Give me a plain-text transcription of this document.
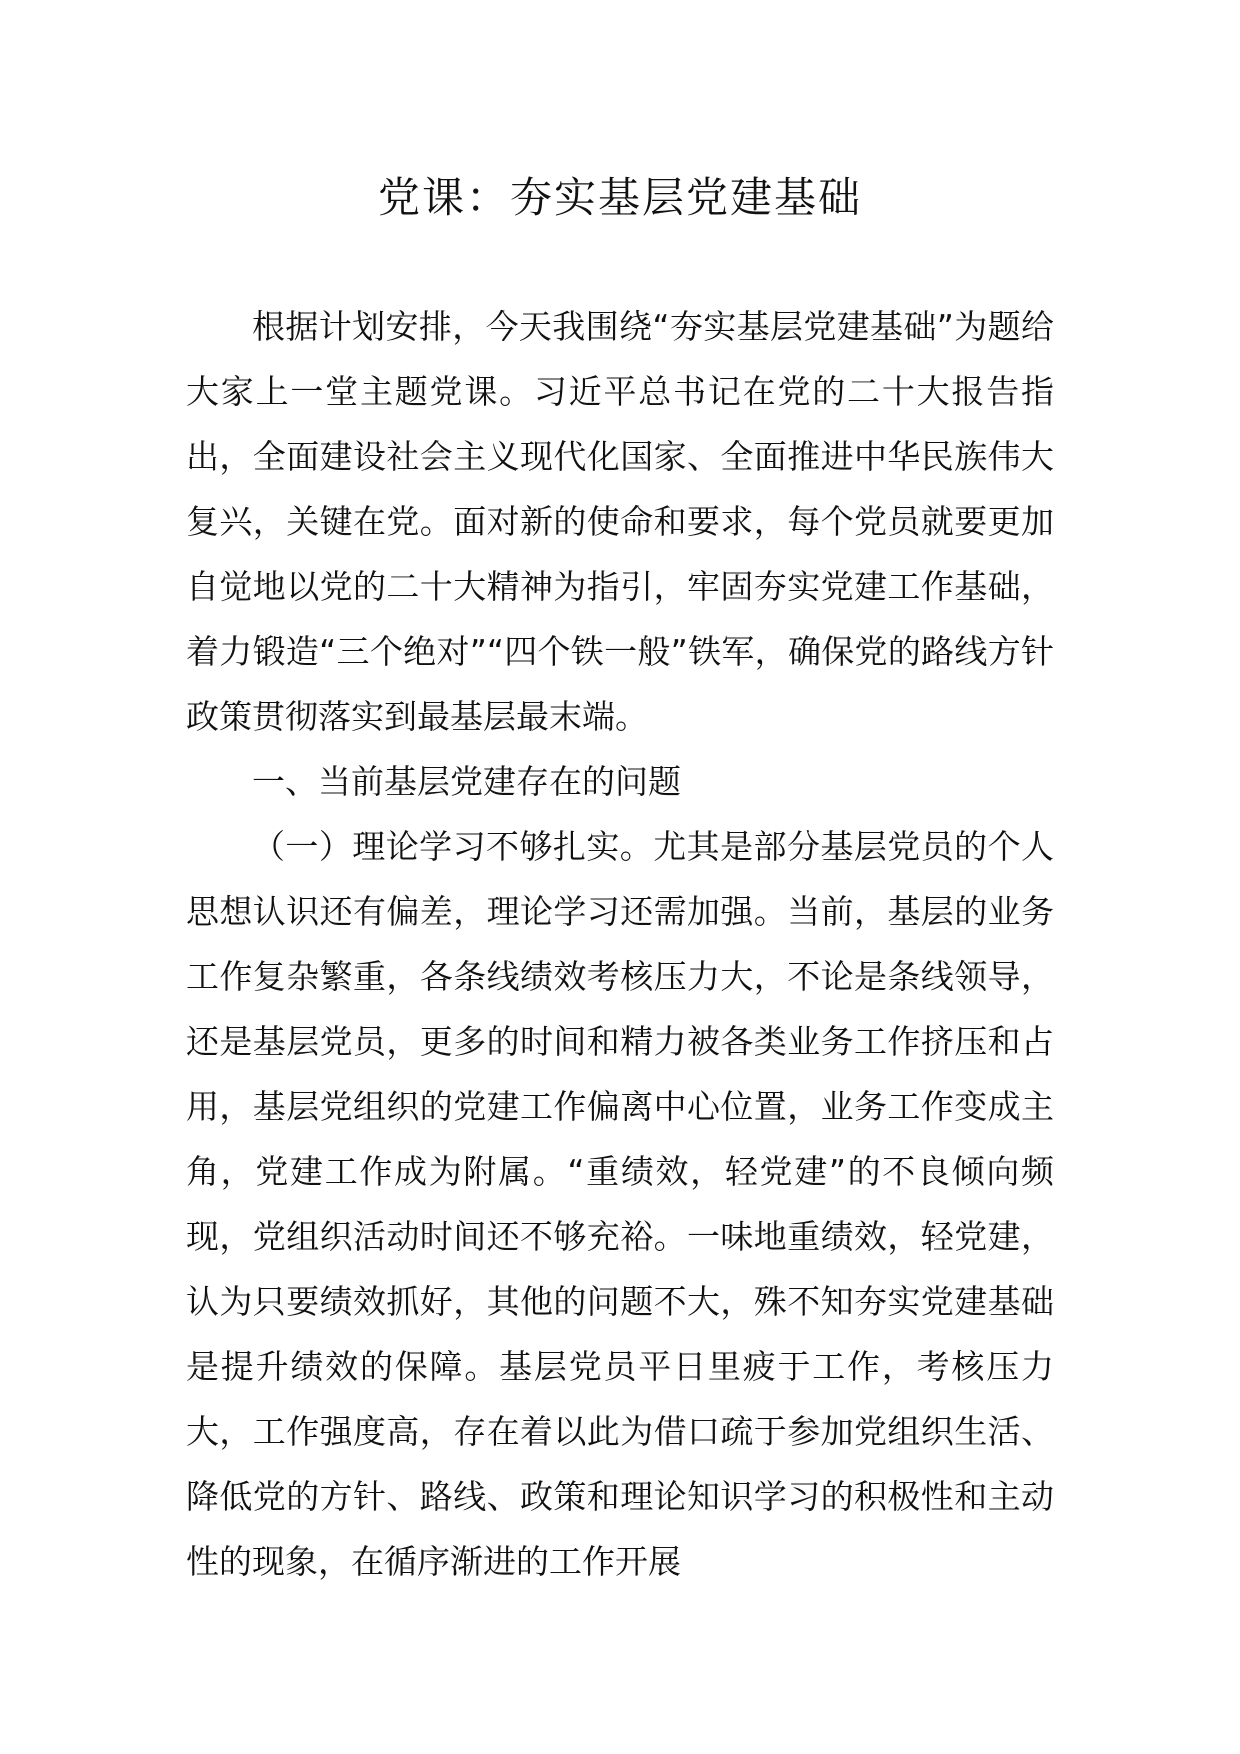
党课：夯实基层党建基础

根据计划安排，今天我围绕“夯实基层党建基础”为题给大家上一堂主题党课。习近平总书记在党的二十大报告指出，全面建设社会主义现代化国家、全面推进中华民族伟大复兴，关键在党。面对新的使命和要求，每个党员就要更加自觉地以党的二十大精神为指引，牢固夯实党建工作基础，着力锻造“三个绝对”“四个铁一般”铁军，确保党的路线方针政策贯彻落实到最基层最末端。

一、当前基层党建存在的问题

（一）理论学习不够扎实。尤其是部分基层党员的个人思想认识还有偏差，理论学习还需加强。当前，基层的业务工作复杂繁重，各条线绩效考核压力大，不论是条线领导，还是基层党员，更多的时间和精力被各类业务工作挤压和占用，基层党组织的党建工作偏离中心位置，业务工作变成主角，党建工作成为附属。“重绩效，轻党建”的不良倾向频现，党组织活动时间还不够充裕。一味地重绩效，轻党建，认为只要绩效抓好，其他的问题不大，殊不知夯实党建基础是提升绩效的保障。基层党员平日里疲于工作，考核压力大，工作强度高，存在着以此为借口疏于参加党组织生活、降低党的方针、路线、政策和理论知识学习的积极性和主动性的现象，在循序渐进的工作开展
